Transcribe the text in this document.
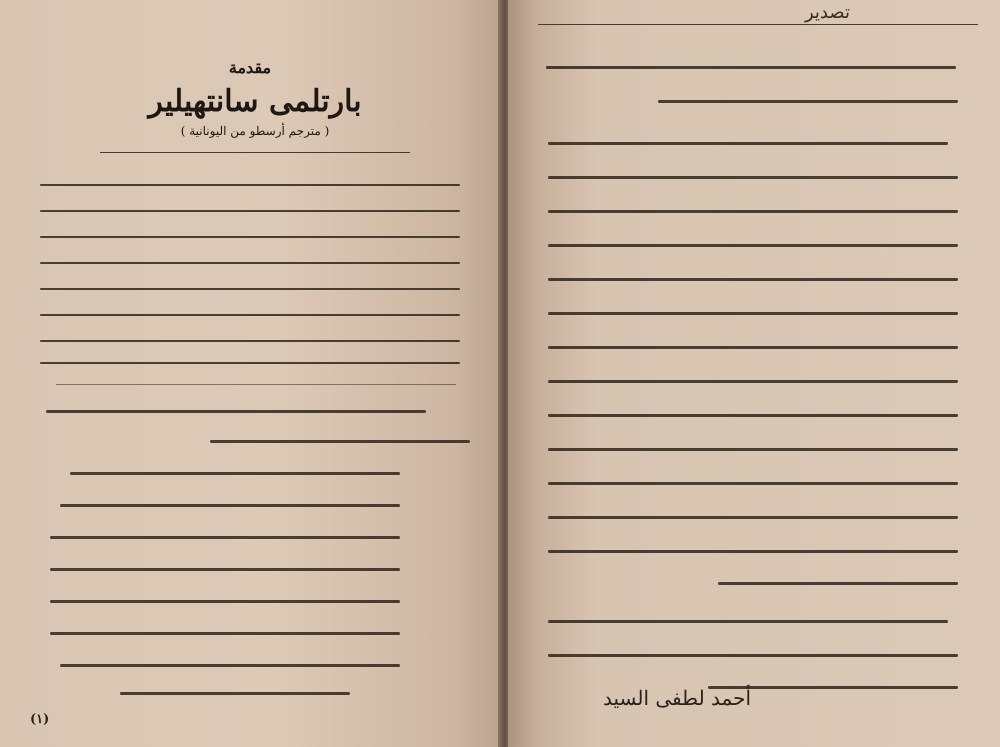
مقدمة
بارتلمى سانتهيلير
( مترجم أرسطو من اليونانية )
(١)
تصدير
أحمد لطفى السيد
